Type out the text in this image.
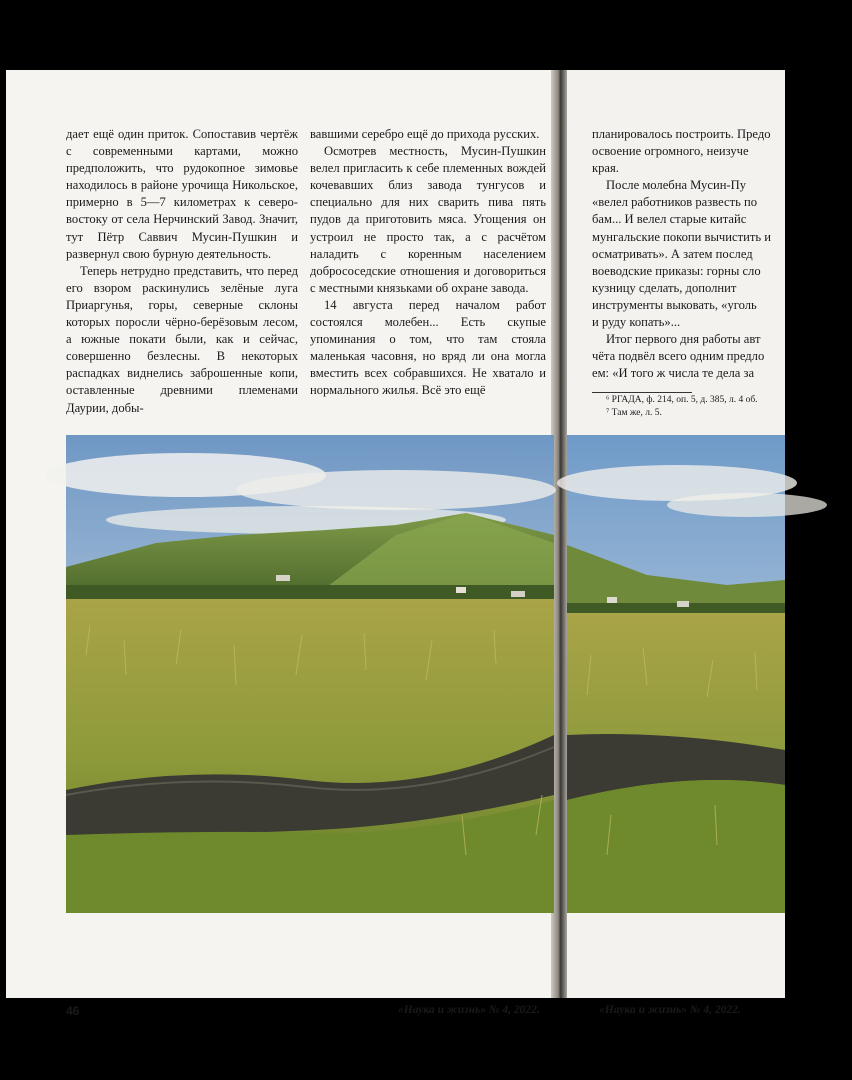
дает ещё один приток. Сопоставив чертёж с современными картами, можно предположить, что рудокопное зимовье находилось в районе урочища Никольское, примерно в 5—7 километрах к северо-востоку от села Нерчинский Завод. Значит, тут Пётр Саввич Мусин-Пушкин и развернул свою бурную деятельность.

Теперь нетрудно представить, что перед его взором раскинулись зелёные луга Приаргунья, горы, северные склоны которых поросли чёрно-берёзовым лесом, а южные покати были, как и сейчас, совершенно безлесны. В некоторых распадках виднелись заброшенные копи, оставленные древними племенами Даурии, добы-

вавшими серебро ещё до прихода русских.

Осмотрев местность, Мусин-Пушкин велел пригласить к себе племенных вождей кочевавших близ завода тунгусов и специально для них сварить пива пять пудов да приготовить мяса. Угощения он устроил не просто так, а с расчётом наладить с коренным населением добрососедские отношения и договориться с местными князьками об охране завода.

14 августа перед началом работ состоялся молебен... Есть скупые упоминания о том, что там стояла маленькая часовня, но вряд ли она могла вместить всех собравшихся. Не хватало и нормального жилья. Всё это ещё

46	«Наука и жизнь» № 4, 2022.
планировалось построить. Предо
освоение огромного, неизуче
края.
После молебна Мусин-Пу
«велел работников развесть по
бам... И велел старые китайс
мунгальские покопи вычистить и
осматривать». А затем послед
воеводские приказы: горны сло
кузницу сделать, дополнит
инструменты выковать, «уголь
и руду копать»...
Итог первого дня работы авт
чёта подвёл всего одним предло
ем: «И того ж числа те дела за
⁶ РГАДА, ф. 214, оп. 5, д. 385, л. 4 об.
⁷ Там же, л. 5.
«Наука и жизнь» № 4, 2022.
